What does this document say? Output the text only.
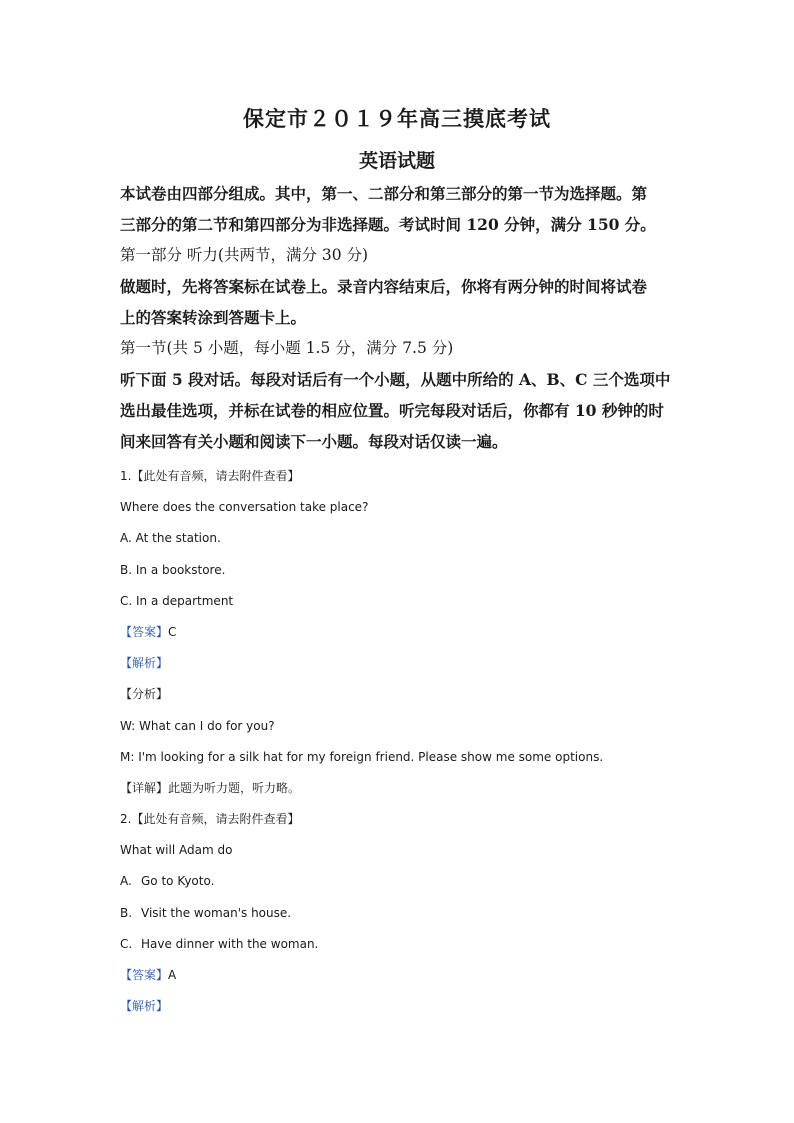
保定市２０１９年高三摸底考试
英语试题

本试卷由四部分组成。其中，第一、二部分和第三部分的第一节为选择题。第

三部分的第二节和第四部分为非选择题。考试时间 120 分钟，满分 150 分。

第一部分 听力(共两节，满分 30 分)

做题时，先将答案标在试卷上。录音内容结束后，你将有两分钟的时间将试卷

上的答案转涂到答题卡上。

第一节(共 5 小题，每小题 1.5 分，满分 7.5 分)

听下面 5 段对话。每段对话后有一个小题，从题中所给的 A、B、C 三个选项中

选出最佳选项，并标在试卷的相应位置。听完每段对话后，你都有 10 秒钟的时

间来回答有关小题和阅读下一小题。每段对话仅读一遍。

1.【此处有音频，请去附件查看】
Where does the conversation take place?
A. At the station.
B. In a bookstore.
C. In a department
【答案】C
【解析】
【分析】
W: What can I do for you?
M: I'm looking for a silk hat for my foreign friend. Please show me some options.
【详解】此题为听力题，听力略。
2.【此处有音频，请去附件查看】
What will Adam do
A. Go to Kyoto.
B. Visit the woman's house.
C. Have dinner with the woman.
【答案】A
【解析】
